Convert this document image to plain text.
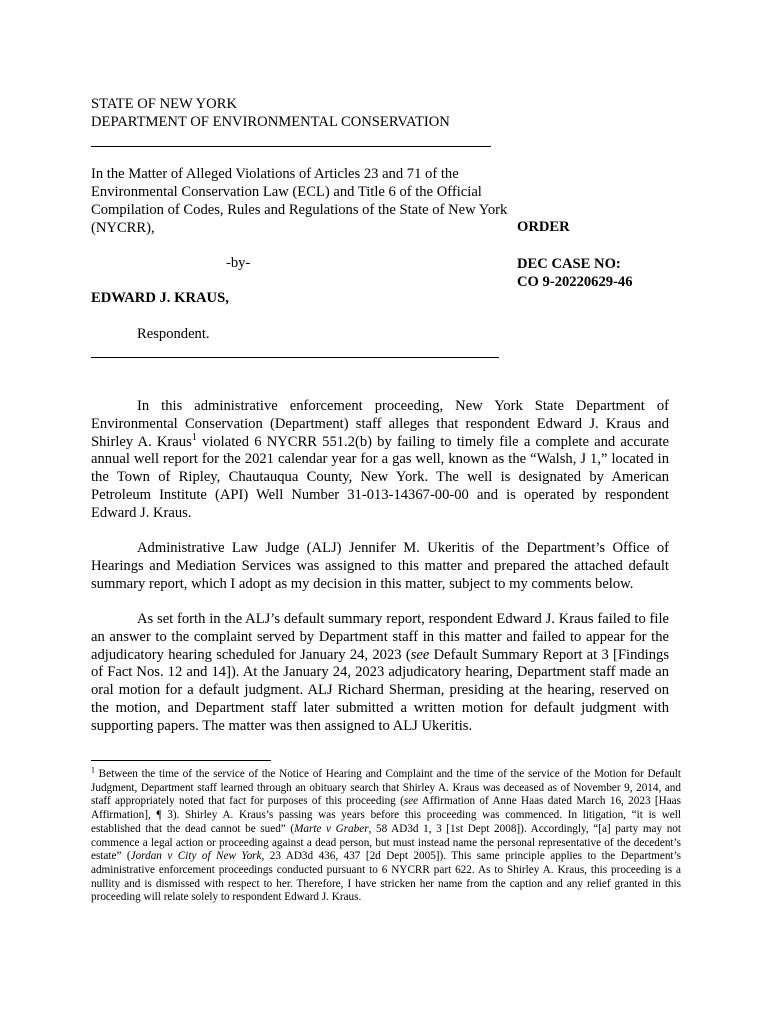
STATE OF NEW YORK
DEPARTMENT OF ENVIRONMENTAL CONSERVATION
In the Matter of Alleged Violations of Articles 23 and 71 of the Environmental Conservation Law (ECL) and Title 6 of the Official Compilation of Codes, Rules and Regulations of the State of New York (NYCRR),
-by-
EDWARD J. KRAUS,
Respondent.
ORDER
DEC CASE NO:
CO 9-20220629-46

In this administrative enforcement proceeding, New York State Department of Environmental Conservation (Department) staff alleges that respondent Edward J. Kraus and Shirley A. Kraus$^1$ violated 6 NYCRR 551.2(b) by failing to timely file a complete and accurate annual well report for the 2021 calendar year for a gas well, known as the “Walsh, J 1,” located in the Town of Ripley, Chautauqua County, New York. The well is designated by American Petroleum Institute (API) Well Number 31-013-14367-00-00 and is operated by respondent Edward J. Kraus.

Administrative Law Judge (ALJ) Jennifer M. Ukeritis of the Department’s Office of Hearings and Mediation Services was assigned to this matter and prepared the attached default summary report, which I adopt as my decision in this matter, subject to my comments below.

As set forth in the ALJ’s default summary report, respondent Edward J. Kraus failed to file an answer to the complaint served by Department staff in this matter and failed to appear for the adjudicatory hearing scheduled for January 24, 2023 (see Default Summary Report at 3 [Findings of Fact Nos. 12 and 14]). At the January 24, 2023 adjudicatory hearing, Department staff made an oral motion for a default judgment. ALJ Richard Sherman, presiding at the hearing, reserved on the motion, and Department staff later submitted a written motion for default judgment with supporting papers. The matter was then assigned to ALJ Ukeritis.

$^1$ Between the time of the service of the Notice of Hearing and Complaint and the time of the service of the Motion for Default Judgment, Department staff learned through an obituary search that Shirley A. Kraus was deceased as of November 9, 2014, and staff appropriately noted that fact for purposes of this proceeding (see Affirmation of Anne Haas dated March 16, 2023 [Haas Affirmation], ¶ 3). Shirley A. Kraus’s passing was years before this proceeding was commenced. In litigation, “it is well established that the dead cannot be sued” (Marte v Graber, 58 AD3d 1, 3 [1st Dept 2008]). Accordingly, “[a] party may not commence a legal action or proceeding against a dead person, but must instead name the personal representative of the decedent’s estate” (Jordan v City of New York, 23 AD3d 436, 437 [2d Dept 2005]). This same principle applies to the Department’s administrative enforcement proceedings conducted pursuant to 6 NYCRR part 622. As to Shirley A. Kraus, this proceeding is a nullity and is dismissed with respect to her. Therefore, I have stricken her name from the caption and any relief granted in this proceeding will relate solely to respondent Edward J. Kraus.
